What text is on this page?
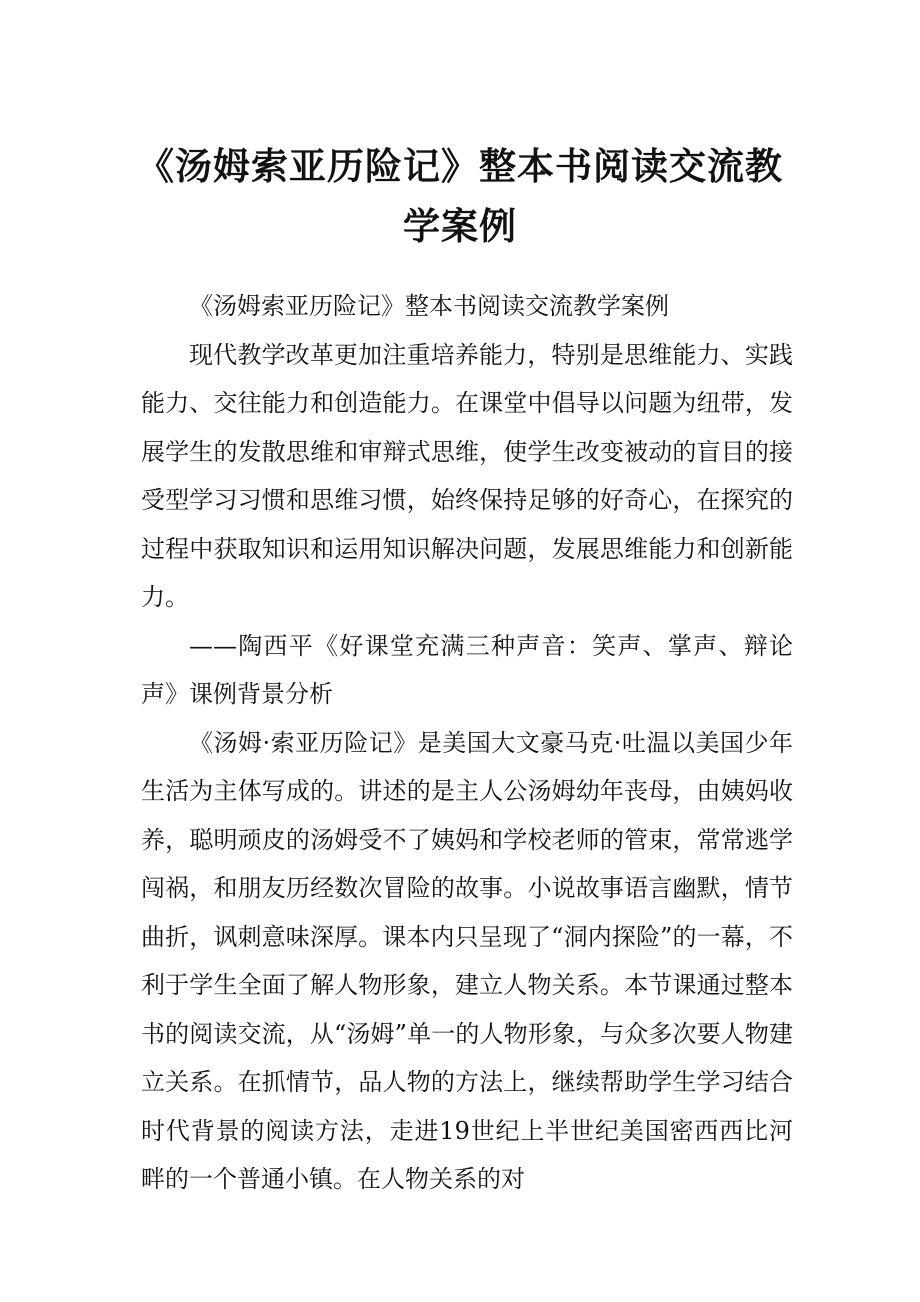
《汤姆索亚历险记》整本书阅读交流教学案例

《汤姆索亚历险记》整本书阅读交流教学案例

现代教学改革更加注重培养能力，特别是思维能力、实践能力、交往能力和创造能力。在课堂中倡导以问题为纽带，发展学生的发散思维和审辩式思维，使学生改变被动的盲目的接受型学习习惯和思维习惯，始终保持足够的好奇心，在探究的过程中获取知识和运用知识解决问题，发展思维能力和创新能力。

——陶西平《好课堂充满三种声音：笑声、掌声、辩论声》课例背景分析

《汤姆·索亚历险记》是美国大文豪马克·吐温以美国少年生活为主体写成的。讲述的是主人公汤姆幼年丧母，由姨妈收养，聪明顽皮的汤姆受不了姨妈和学校老师的管束，常常逃学闯祸，和朋友历经数次冒险的故事。小说故事语言幽默，情节曲折，讽刺意味深厚。课本内只呈现了“洞内探险”的一幕，不利于学生全面了解人物形象，建立人物关系。本节课通过整本书的阅读交流，从“汤姆”单一的人物形象，与众多次要人物建立关系。在抓情节，品人物的方法上，继续帮助学生学习结合时代背景的阅读方法，走进19世纪上半世纪美国密西西比河畔的一个普通小镇。在人物关系的对
